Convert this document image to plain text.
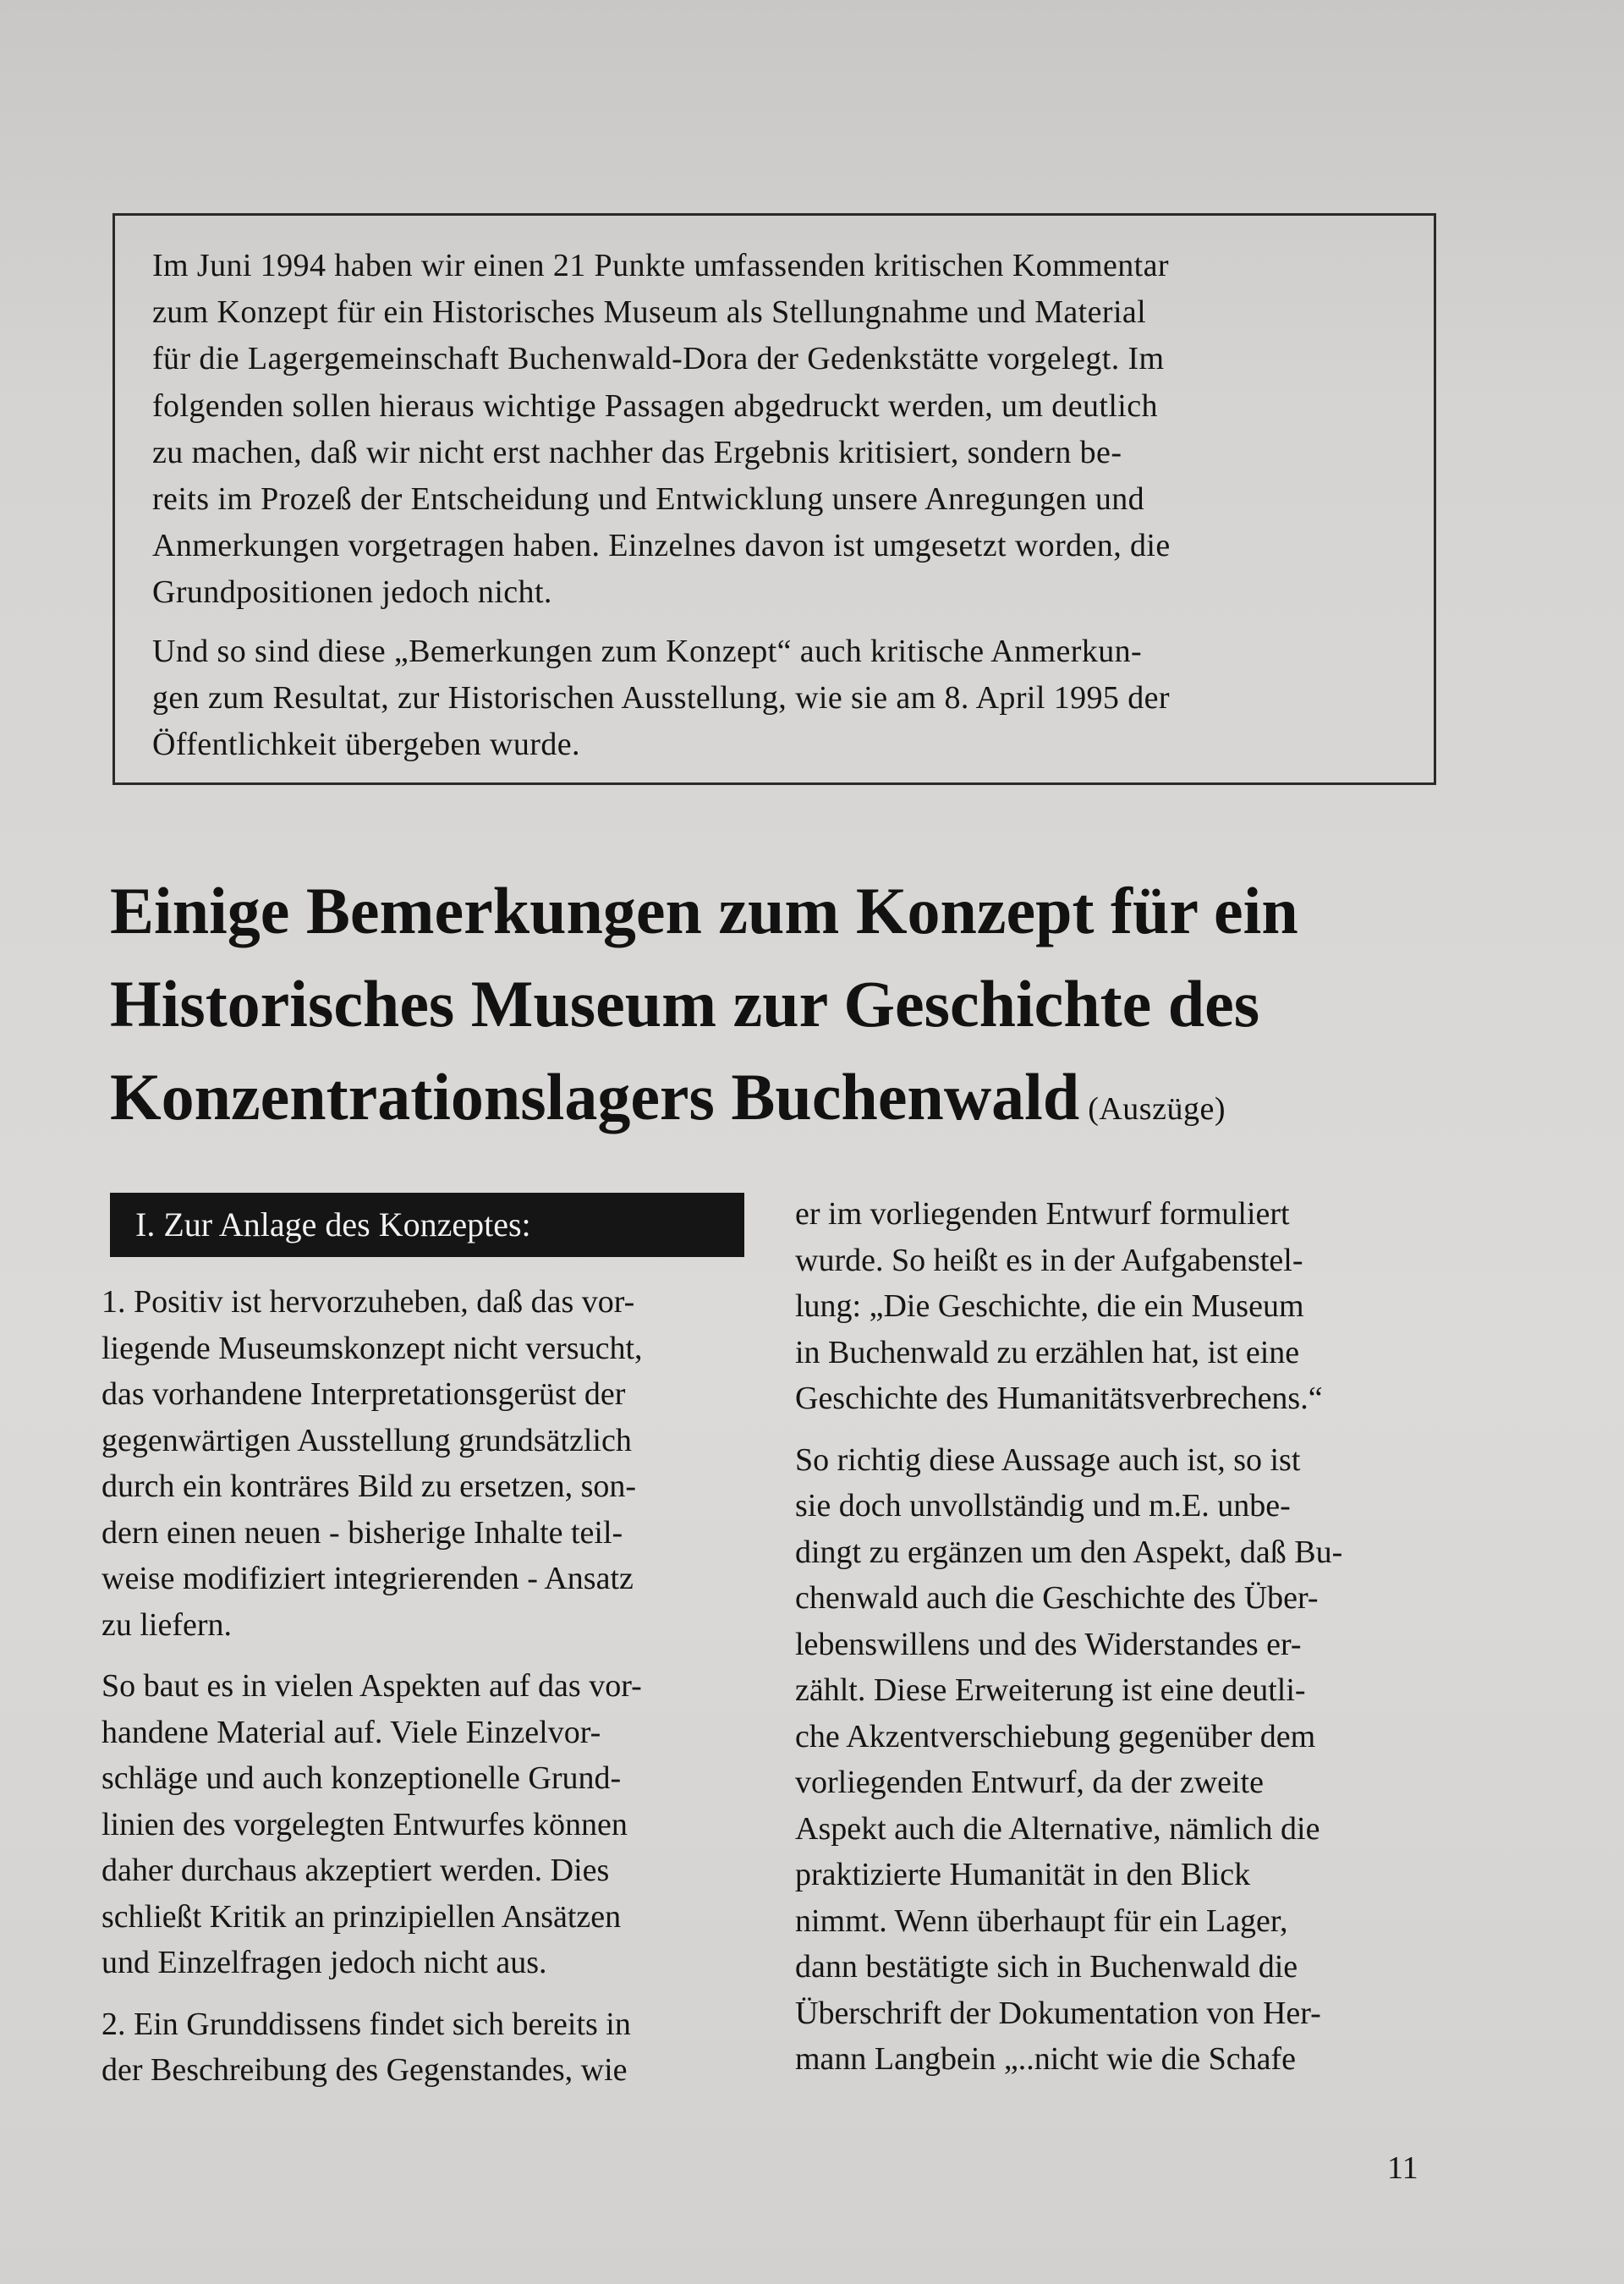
Im Juni 1994 haben wir einen 21 Punkte umfassenden kritischen Kommentar
zum Konzept für ein Historisches Museum als Stellungnahme und Material
für die Lagergemeinschaft Buchenwald-Dora der Gedenkstätte vorgelegt. Im
folgenden sollen hieraus wichtige Passagen abgedruckt werden, um deutlich
zu machen, daß wir nicht erst nachher das Ergebnis kritisiert, sondern be-
reits im Prozeß der Entscheidung und Entwicklung unsere Anregungen und
Anmerkungen vorgetragen haben. Einzelnes davon ist umgesetzt worden, die
Grundpositionen jedoch nicht.

Und so sind diese „Bemerkungen zum Konzept“ auch kritische Anmerkun-
gen zum Resultat, zur Historischen Ausstellung, wie sie am 8. April 1995 der
Öffentlichkeit übergeben wurde.

Einige Bemerkungen zum Konzept für ein
Historisches Museum zur Geschichte des
Konzentrationslagers Buchenwald (Auszüge)
I. Zur Anlage des Konzeptes:

1. Positiv ist hervorzuheben, daß das vor-
liegende Museumskonzept nicht versucht,
das vorhandene Interpretationsgerüst der
gegenwärtigen Ausstellung grundsätzlich
durch ein konträres Bild zu ersetzen, son-
dern einen neuen - bisherige Inhalte teil-
weise modifiziert integrierenden - Ansatz
zu liefern.

So baut es in vielen Aspekten auf das vor-
handene Material auf. Viele Einzelvor-
schläge und auch konzeptionelle Grund-
linien des vorgelegten Entwurfes können
daher durchaus akzeptiert werden. Dies
schließt Kritik an prinzipiellen Ansätzen
und Einzelfragen jedoch nicht aus.

2. Ein Grunddissens findet sich bereits in
der Beschreibung des Gegenstandes, wie

er im vorliegenden Entwurf formuliert
wurde. So heißt es in der Aufgabenstel-
lung: „Die Geschichte, die ein Museum
in Buchenwald zu erzählen hat, ist eine
Geschichte des Humanitätsverbrechens.“

So richtig diese Aussage auch ist, so ist
sie doch unvollständig und m.E. unbe-
dingt zu ergänzen um den Aspekt, daß Bu-
chenwald auch die Geschichte des Über-
lebenswillens und des Widerstandes er-
zählt. Diese Erweiterung ist eine deutli-
che Akzentverschiebung gegenüber dem
vorliegenden Entwurf, da der zweite
Aspekt auch die Alternative, nämlich die
praktizierte Humanität in den Blick
nimmt. Wenn überhaupt für ein Lager,
dann bestätigte sich in Buchenwald die
Überschrift der Dokumentation von Her-
mann Langbein „..nicht wie die Schafe

11
